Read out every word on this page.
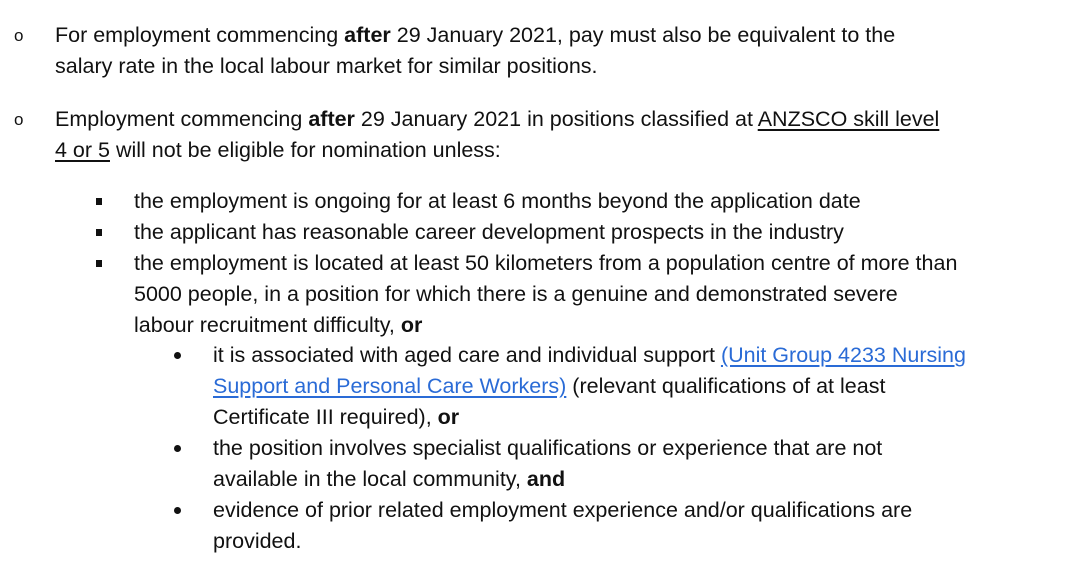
o For employment commencing after 29 January 2021, pay must also be equivalent to the
salary rate in the local labour market for similar positions.
o Employment commencing after 29 January 2021 in positions classified at ANZSCO skill level
4 or 5 will not be eligible for nomination unless:
the employment is ongoing for at least 6 months beyond the application date
the applicant has reasonable career development prospects in the industry
the employment is located at least 50 kilometers from a population centre of more than
5000 people, in a position for which there is a genuine and demonstrated severe
labour recruitment difficulty, or
it is associated with aged care and individual support (Unit Group 4233 Nursing
Support and Personal Care Workers) (relevant qualifications of at least
Certificate III required), or
the position involves specialist qualifications or experience that are not
available in the local community, and
evidence of prior related employment experience and/or qualifications are
provided.
